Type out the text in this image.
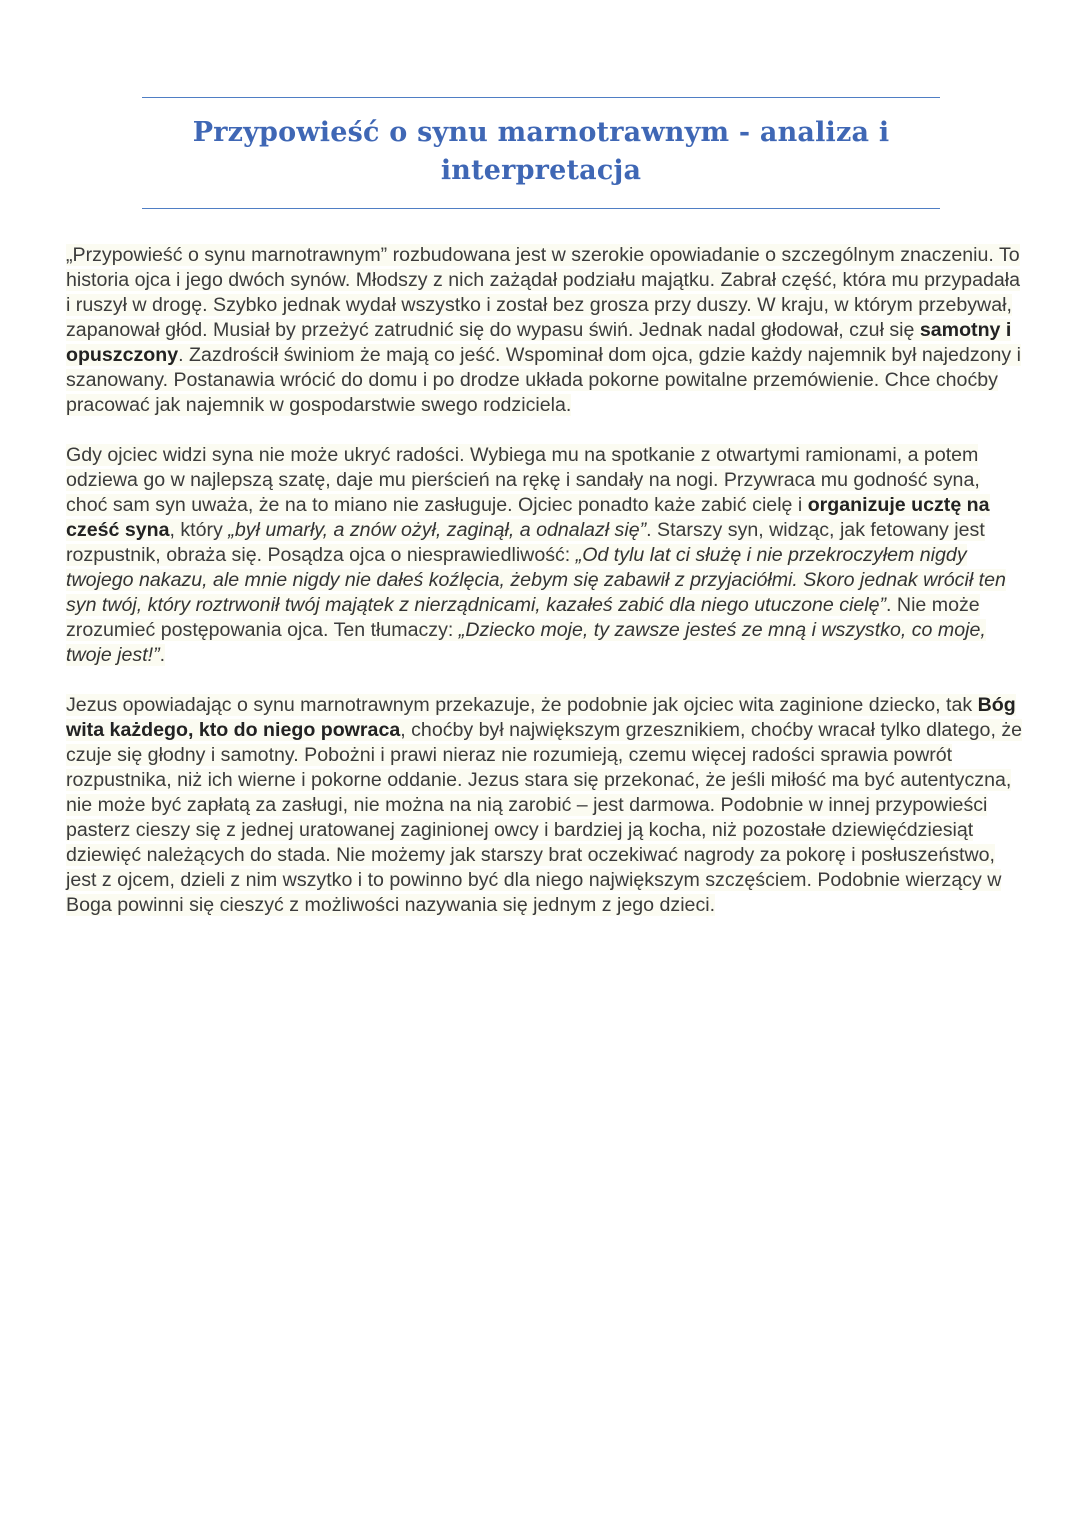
Przypowieść o synu marnotrawnym - analiza i interpretacja

„Przypowieść o synu marnotrawnym” rozbudowana jest w szerokie opowiadanie o szczególnym znaczeniu. To historia ojca i jego dwóch synów. Młodszy z nich zażądał podziału majątku. Zabrał część, która mu przypadała i ruszył w drogę. Szybko jednak wydał wszystko i został bez grosza przy duszy. W kraju, w którym przebywał, zapanował głód. Musiał by przeżyć zatrudnić się do wypasu świń. Jednak nadal głodował, czuł się samotny i opuszczony. Zazdrościł świniom że mają co jeść. Wspominał dom ojca, gdzie każdy najemnik był najedzony i szanowany. Postanawia wrócić do domu i po drodze układa pokorne powitalne przemówienie. Chce choćby pracować jak najemnik w gospodarstwie swego rodziciela.

Gdy ojciec widzi syna nie może ukryć radości. Wybiega mu na spotkanie z otwartymi ramionami, a potem odziewa go w najlepszą szatę, daje mu pierścień na rękę i sandały na nogi. Przywraca mu godność syna, choć sam syn uważa, że na to miano nie zasługuje. Ojciec ponadto każe zabić cielę i organizuje ucztę na cześć syna, który „był umarły, a znów ożył, zaginął, a odnalazł się”. Starszy syn, widząc, jak fetowany jest rozpustnik, obraża się. Posądza ojca o niesprawiedliwość: „Od tylu lat ci służę i nie przekroczyłem nigdy twojego nakazu, ale mnie nigdy nie dałeś koźlęcia, żebym się zabawił z przyjaciółmi. Skoro jednak wrócił ten syn twój, który roztrwonił twój majątek z nierządnicami, kazałeś zabić dla niego utuczone cielę”. Nie może zrozumieć postępowania ojca. Ten tłumaczy: „Dziecko moje, ty zawsze jesteś ze mną i wszystko, co moje, twoje jest!”.

Jezus opowiadając o synu marnotrawnym przekazuje, że podobnie jak ojciec wita zaginione dziecko, tak Bóg wita każdego, kto do niego powraca, choćby był największym grzesznikiem, choćby wracał tylko dlatego, że czuje się głodny i samotny. Pobożni i prawi nieraz nie rozumieją, czemu więcej radości sprawia powrót rozpustnika, niż ich wierne i pokorne oddanie. Jezus stara się przekonać, że jeśli miłość ma być autentyczna, nie może być zapłatą za zasługi, nie można na nią zarobić – jest darmowa. Podobnie w innej przypowieści pasterz cieszy się z jednej uratowanej zaginionej owcy i bardziej ją kocha, niż pozostałe dziewięćdziesiąt dziewięć należących do stada. Nie możemy jak starszy brat oczekiwać nagrody za pokorę i posłuszeństwo, jest z ojcem, dzieli z nim wszytko i to powinno być dla niego największym szczęściem. Podobnie wierzący w Boga powinni się cieszyć z możliwości nazywania się jednym z jego dzieci.
